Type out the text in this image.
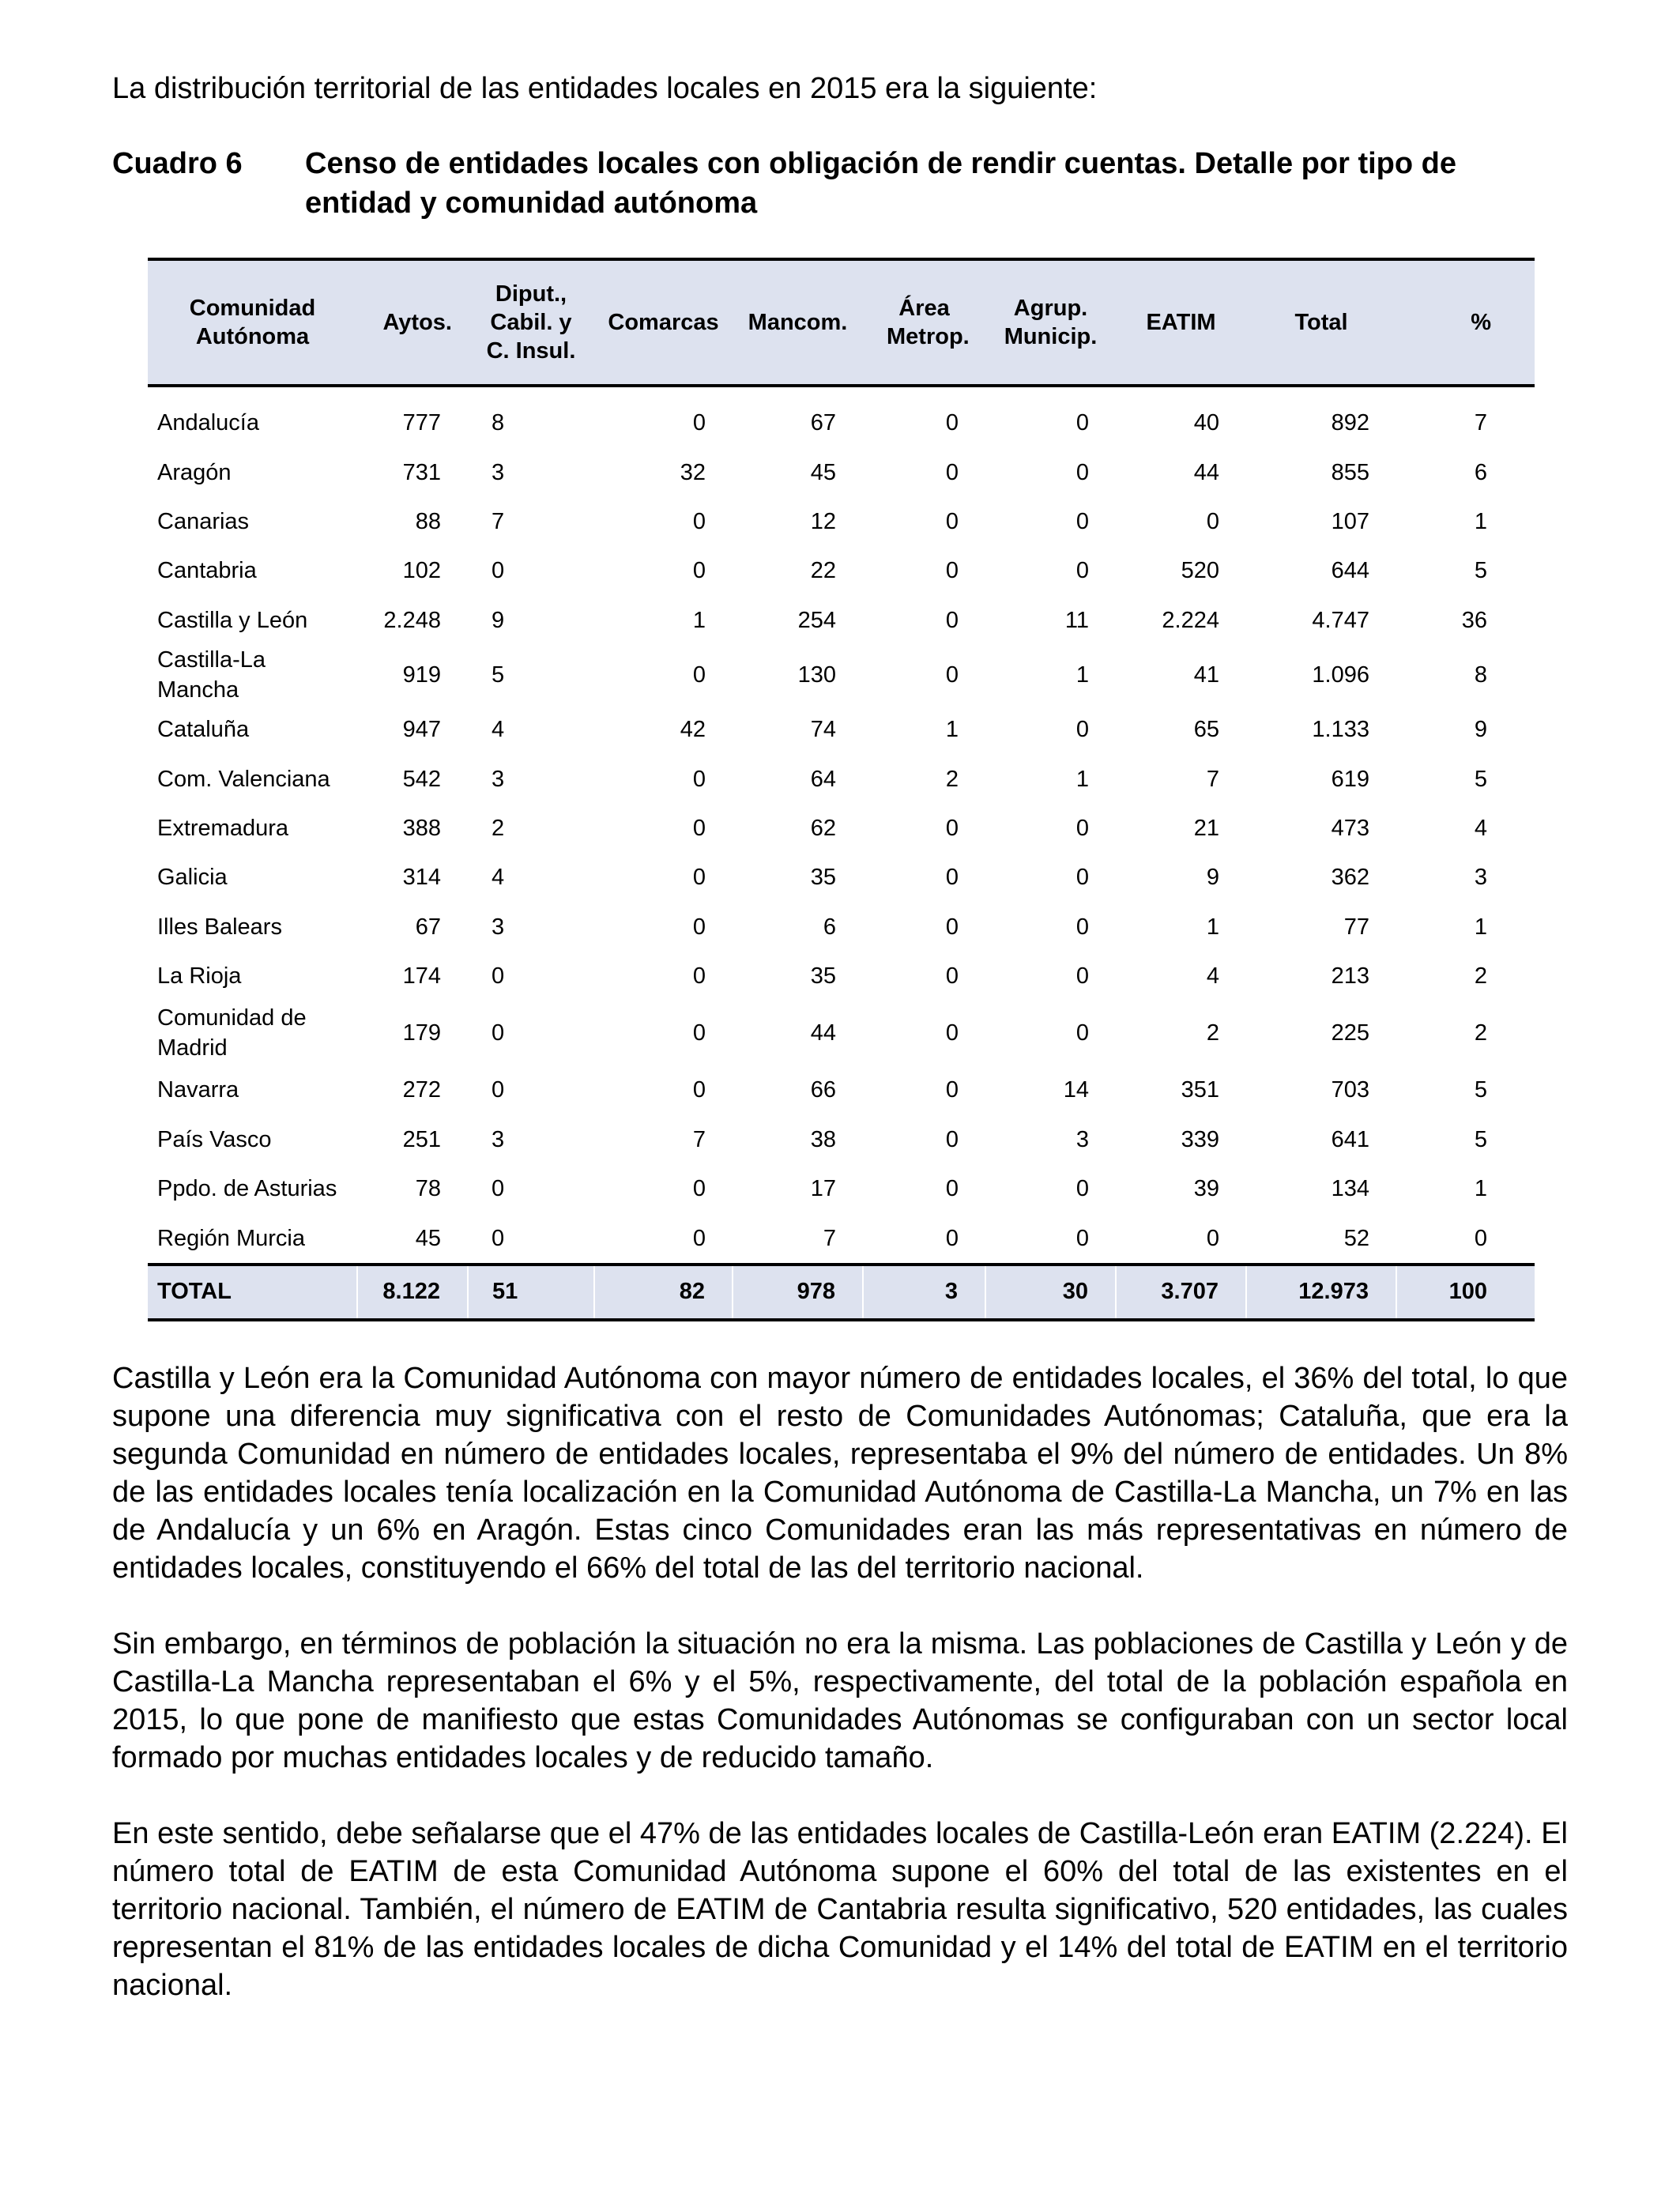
La distribución territorial de las entidades locales en 2015 era la siguiente:

Cuadro 6	Censo de entidades locales con obligación de rendir cuentas. Detalle por tipo de entidad y comunidad autónoma
Comunidad Autónoma	Aytos.	Diput., Cabil. y C. Insul.	Comarcas	Mancom.	Área Metrop.	Agrup. Municip.	EATIM	Total	%
Andalucía	777	8	0	67	0	0	40	892	7
Aragón	731	3	32	45	0	0	44	855	6
Canarias	88	7	0	12	0	0	0	107	1
Cantabria	102	0	0	22	0	0	520	644	5
Castilla y León	2.248	9	1	254	0	11	2.224	4.747	36
Castilla-La Mancha	919	5	0	130	0	1	41	1.096	8
Cataluña	947	4	42	74	1	0	65	1.133	9
Com. Valenciana	542	3	0	64	2	1	7	619	5
Extremadura	388	2	0	62	0	0	21	473	4
Galicia	314	4	0	35	0	0	9	362	3
Illes Balears	67	3	0	6	0	0	1	77	1
La Rioja	174	0	0	35	0	0	4	213	2
Comunidad de Madrid	179	0	0	44	0	0	2	225	2
Navarra	272	0	0	66	0	14	351	703	5
País Vasco	251	3	7	38	0	3	339	641	5
Ppdo. de Asturias	78	0	0	17	0	0	39	134	1
Región Murcia	45	0	0	7	0	0	0	52	0
TOTAL	8.122	51	82	978	3	30	3.707	12.973	100

Castilla y León era la Comunidad Autónoma con mayor número de entidades locales, el 36% del total, lo que supone una diferencia muy significativa con el resto de Comunidades Autónomas; Cataluña, que era la segunda Comunidad en número de entidades locales, representaba el 9% del número de entidades. Un 8% de las entidades locales tenía localización en la Comunidad Autónoma de Castilla-La Mancha, un 7% en las de Andalucía y un 6% en Aragón. Estas cinco Comunidades eran las más representativas en número de entidades locales, constituyendo el 66% del total de las del territorio nacional.

Sin embargo, en términos de población la situación no era la misma. Las poblaciones de Castilla y León y de Castilla-La Mancha representaban el 6% y el 5%, respectivamente, del total de la población española en 2015, lo que pone de manifiesto que estas Comunidades Autónomas se configuraban con un sector local formado por muchas entidades locales y de reducido tamaño.

En este sentido, debe señalarse que el 47% de las entidades locales de Castilla-León eran EATIM (2.224). El número total de EATIM de esta Comunidad Autónoma supone el 60% del total de las existentes en el territorio nacional. También, el número de EATIM de Cantabria resulta significativo, 520 entidades, las cuales representan el 81% de las entidades locales de dicha Comunidad y el 14% del total de EATIM en el territorio nacional.
